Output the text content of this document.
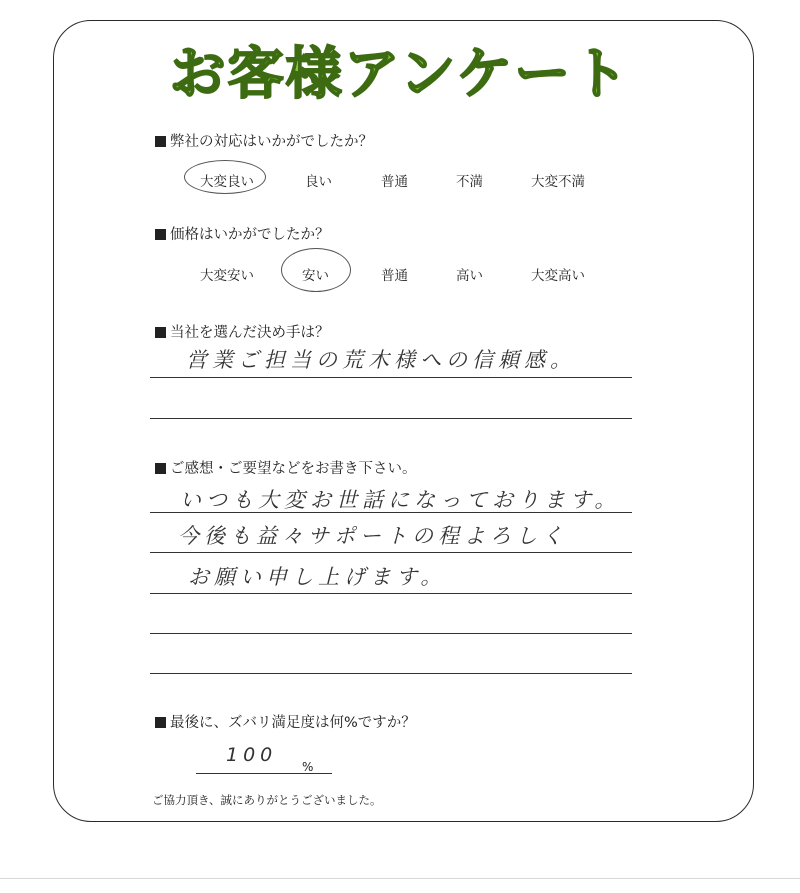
お客様アンケート
弊社の対応はいかがでしたか？
大変良い	良い	普通	不満	大変不満
価格はいかがでしたか？
大変安い	安い	普通	高い	大変高い
当社を選んだ決め手は？
営業ご担当の荒木様への信頼感。
ご感想・ご要望などをお書き下さい。
いつも大変お世話になっております。
今後も益々サポートの程よろしく
お願い申し上げます。
最後に、ズバリ満足度は何%ですか？
100
%
ご協力頂き、誠にありがとうございました。
